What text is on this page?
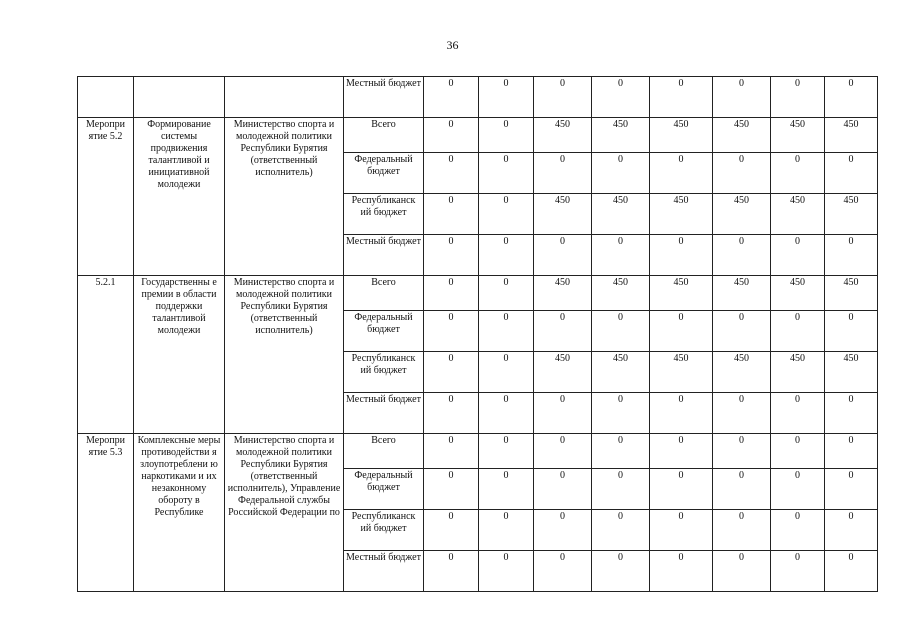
36
			Местный бюджет	0	0	0	0	0	0	0	0
Меропри ятие 5.2	Формирование системы продвижения талантливой и инициативной молодежи	Министерство спорта и молодежной политики Республики Бурятия (ответственный исполнитель)	Всего	0	0	450	450	450	450	450	450
			Федеральный бюджет	0	0	0	0	0	0	0	0
			Республиканск ий бюджет	0	0	450	450	450	450	450	450
			Местный бюджет	0	0	0	0	0	0	0	0
5.2.1	Государственны е премии в области поддержки талантливой молодежи	Министерство спорта и молодежной политики Республики Бурятия (ответственный исполнитель)	Всего	0	0	450	450	450	450	450	450
			Федеральный бюджет	0	0	0	0	0	0	0	0
			Республиканск ий бюджет	0	0	450	450	450	450	450	450
			Местный бюджет	0	0	0	0	0	0	0	0
Меропри ятие 5.3	Комплексные меры противодействи я злоупотреблени ю наркотиками и их незаконному обороту в Республике	Министерство спорта и молодежной политики Республики Бурятия (ответственный исполнитель), Управление Федеральной службы Российской Федерации по	Всего	0	0	0	0	0	0	0	0
			Федеральный бюджет	0	0	0	0	0	0	0	0
			Республиканск ий бюджет	0	0	0	0	0	0	0	0
			Местный бюджет	0	0	0	0	0	0	0	0
